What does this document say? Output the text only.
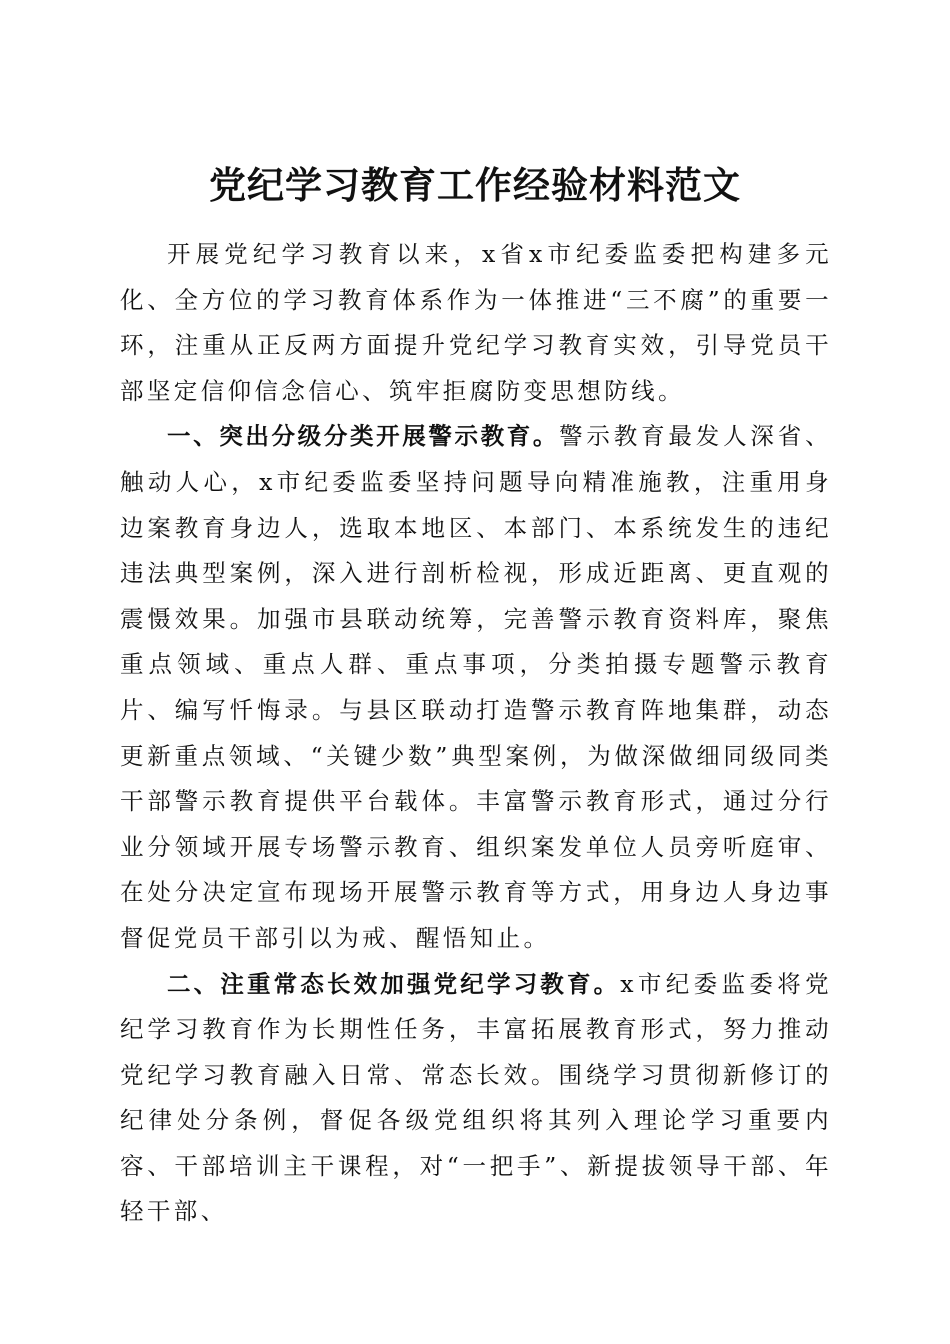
党纪学习教育工作经验材料范文

开展党纪学习教育以来，x省x市纪委监委把构建多元化、全方位的学习教育体系作为一体推进“三不腐”的重要一环，注重从正反两方面提升党纪学习教育实效，引导党员干部坚定信仰信念信心、筑牢拒腐防变思想防线。

一、突出分级分类开展警示教育。警示教育最发人深省、触动人心，x市纪委监委坚持问题导向精准施教，注重用身边案教育身边人，选取本地区、本部门、本系统发生的违纪违法典型案例，深入进行剖析检视，形成近距离、更直观的震慑效果。加强市县联动统筹，完善警示教育资料库，聚焦重点领域、重点人群、重点事项，分类拍摄专题警示教育片、编写忏悔录。与县区联动打造警示教育阵地集群，动态更新重点领域、“关键少数”典型案例，为做深做细同级同类干部警示教育提供平台载体。丰富警示教育形式，通过分行业分领域开展专场警示教育、组织案发单位人员旁听庭审、在处分决定宣布现场开展警示教育等方式，用身边人身边事督促党员干部引以为戒、醒悟知止。

二、注重常态长效加强党纪学习教育。x市纪委监委将党纪学习教育作为长期性任务，丰富拓展教育形式，努力推动党纪学习教育融入日常、常态长效。围绕学习贯彻新修订的纪律处分条例，督促各级党组织将其列入理论学习重要内容、干部培训主干课程，对“一把手”、新提拔领导干部、年轻干部、
